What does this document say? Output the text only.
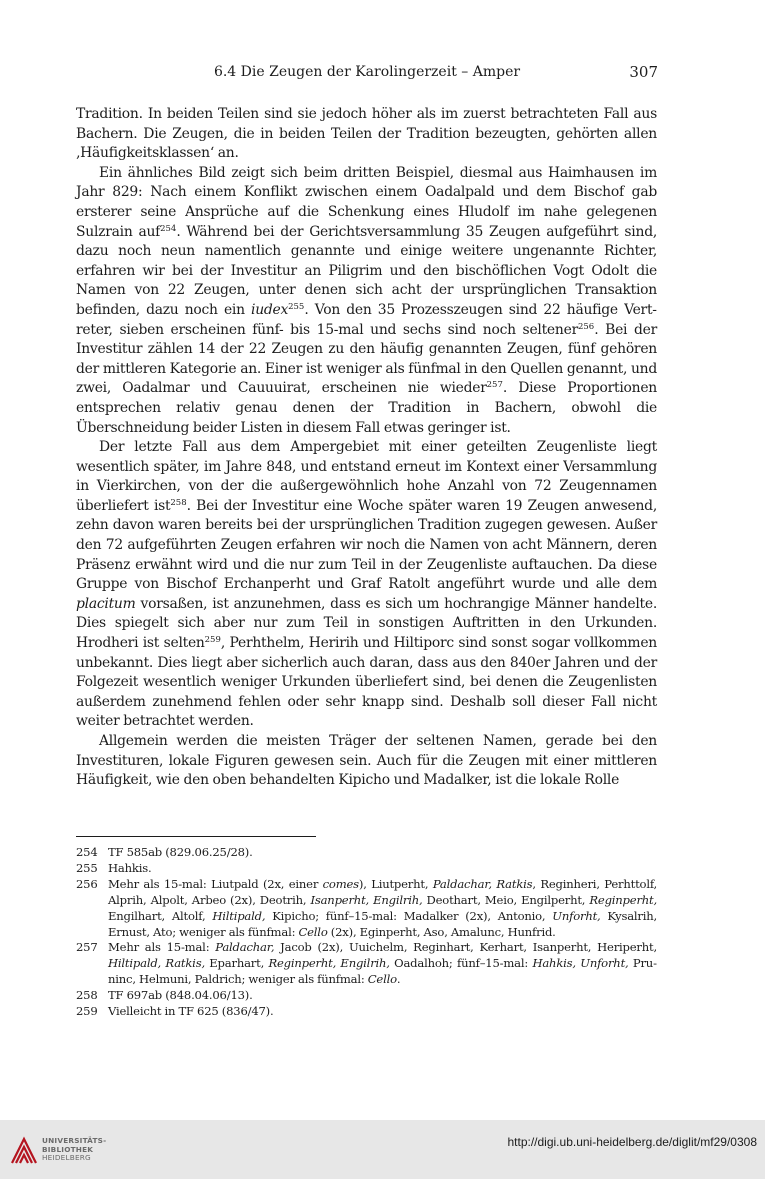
6.4 Die Zeugen der Karolingerzeit – Amper	307

Tradition. In beiden Teilen sind sie jedoch höher als im zuerst betrachteten Fall aus Bachern. Die Zeugen, die in beiden Teilen der Tradition bezeugten, gehörten allen ‚Häufigkeitsklassen‘ an.

Ein ähnliches Bild zeigt sich beim dritten Beispiel, diesmal aus Haimhausen im Jahr 829: Nach einem Konflikt zwischen einem Oadalpald und dem Bischof gab ersterer seine Ansprüche auf die Schenkung eines Hludolf im nahe gelegenen Sulzrain auf$^{254}$. Während bei der Gerichtsversammlung 35 Zeugen aufgeführt sind, dazu noch neun namentlich genannte und einige weitere ungenannte Richter, erfahren wir bei der Investitur an Piligrim und den bischöflichen Vogt Odolt die Namen von 22 Zeugen, unter denen sich acht der ursprünglichen Transaktion befinden, dazu noch ein iudex$^{255}$. Von den 35 Prozesszeugen sind 22 häufige Vertreter, sieben erscheinen fünf- bis 15-mal und sechs sind noch seltener$^{256}$. Bei der Investitur zählen 14 der 22 Zeugen zu den häufig genannten Zeugen, fünf gehören der mittleren Kategorie an. Einer ist weniger als fünfmal in den Quellen genannt, und zwei, Oadalmar und Cauuuirat, erscheinen nie wieder$^{257}$. Diese Proportionen entsprechen relativ genau denen der Tradition in Bachern, obwohl die Überschneidung beider Listen in diesem Fall etwas geringer ist.

Der letzte Fall aus dem Ampergebiet mit einer geteilten Zeugenliste liegt wesentlich später, im Jahre 848, und entstand erneut im Kontext einer Versammlung in Vierkirchen, von der die außergewöhnlich hohe Anzahl von 72 Zeugennamen überliefert ist$^{258}$. Bei der Investitur eine Woche später waren 19 Zeugen anwesend, zehn davon waren bereits bei der ursprünglichen Tradition zugegen gewesen. Außer den 72 aufgeführten Zeugen erfahren wir noch die Namen von acht Männern, deren Präsenz erwähnt wird und die nur zum Teil in der Zeugenliste auftauchen. Da diese Gruppe von Bischof Erchanperht und Graf Ratolt angeführt wurde und alle dem placitum vorsaßen, ist anzunehmen, dass es sich um hochrangige Männer handelte. Dies spiegelt sich aber nur zum Teil in sonstigen Auftritten in den Urkunden. Hrodheri ist selten$^{259}$, Perhthelm, Heririh und Hiltiporc sind sonst sogar vollkommen unbekannt. Dies liegt aber sicherlich auch daran, dass aus den 840er Jahren und der Folgezeit wesentlich weniger Urkunden überliefert sind, bei denen die Zeugenlisten außerdem zunehmend fehlen oder sehr knapp sind. Deshalb soll dieser Fall nicht weiter betrachtet werden.

Allgemein werden die meisten Träger der seltenen Namen, gerade bei den Investituren, lokale Figuren gewesen sein. Auch für die Zeugen mit einer mittleren Häufigkeit, wie den oben behandelten Kipicho und Madalker, ist die lokale Rolle

254 TF 585ab (829.06.25/28).
255 Hahkis.
256 Mehr als 15-mal: Liutpald (2x, einer comes), Liutperht, Paldachar, Ratkis, Reginheri, Perhttolf, Alprih, Alpolt, Arbeo (2x), Deotrih, Isanperht, Engilrih, Deothart, Meio, Engilperht, Reginperht, Engilhart, Altolf, Hiltipald, Kipicho; fünf–15-mal: Madalker (2x), Antonio, Unforht, Kysalrih, Ernust, Ato; weniger als fünfmal: Cello (2x), Eginperht, Aso, Amalunc, Hunfrid.
257 Mehr als 15-mal: Paldachar, Jacob (2x), Uuichelm, Reginhart, Kerhart, Isanperht, Heriperht, Hiltipald, Ratkis, Eparhart, Reginperht, Engilrih, Oadalhoh; fünf–15-mal: Hahkis, Unforht, Pruninc, Helmuni, Paldrich; weniger als fünfmal: Cello.
258 TF 697ab (848.04.06/13).
259 Vielleicht in TF 625 (836/47).
UNIVERSITÄTS-
BIBLIOTHEK
HEIDELBERG
http://digi.ub.uni-heidelberg.de/diglit/mf29/0308
